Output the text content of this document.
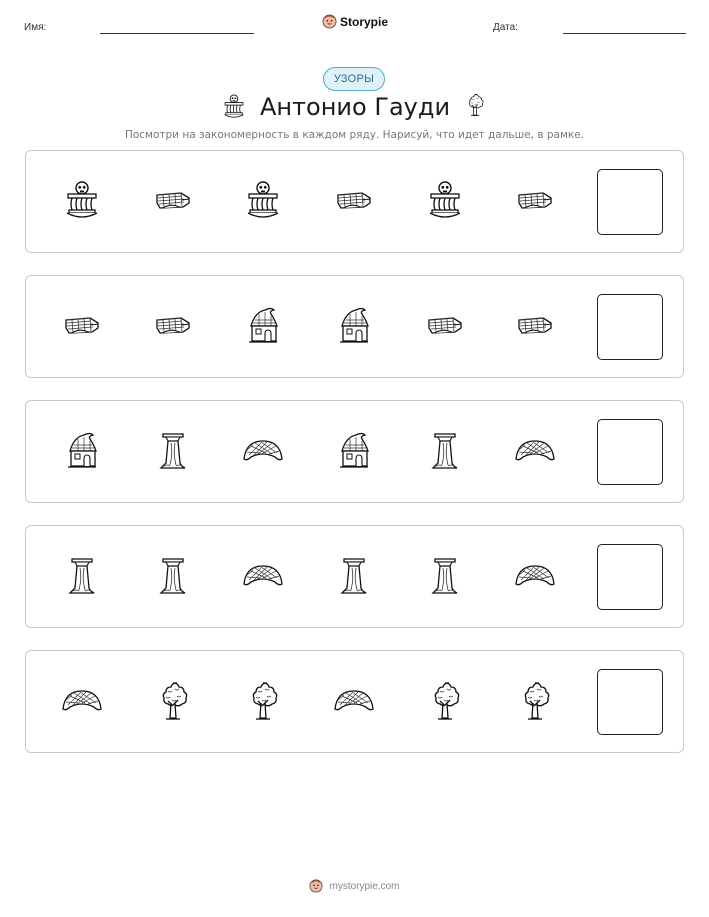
Имя:	Storypie	Дата:
УЗОРЫ
Антонио Гауди
Посмотри на закономерность в каждом ряду. Нарисуй, что идет дальше, в рамке.
mystorypie.com
